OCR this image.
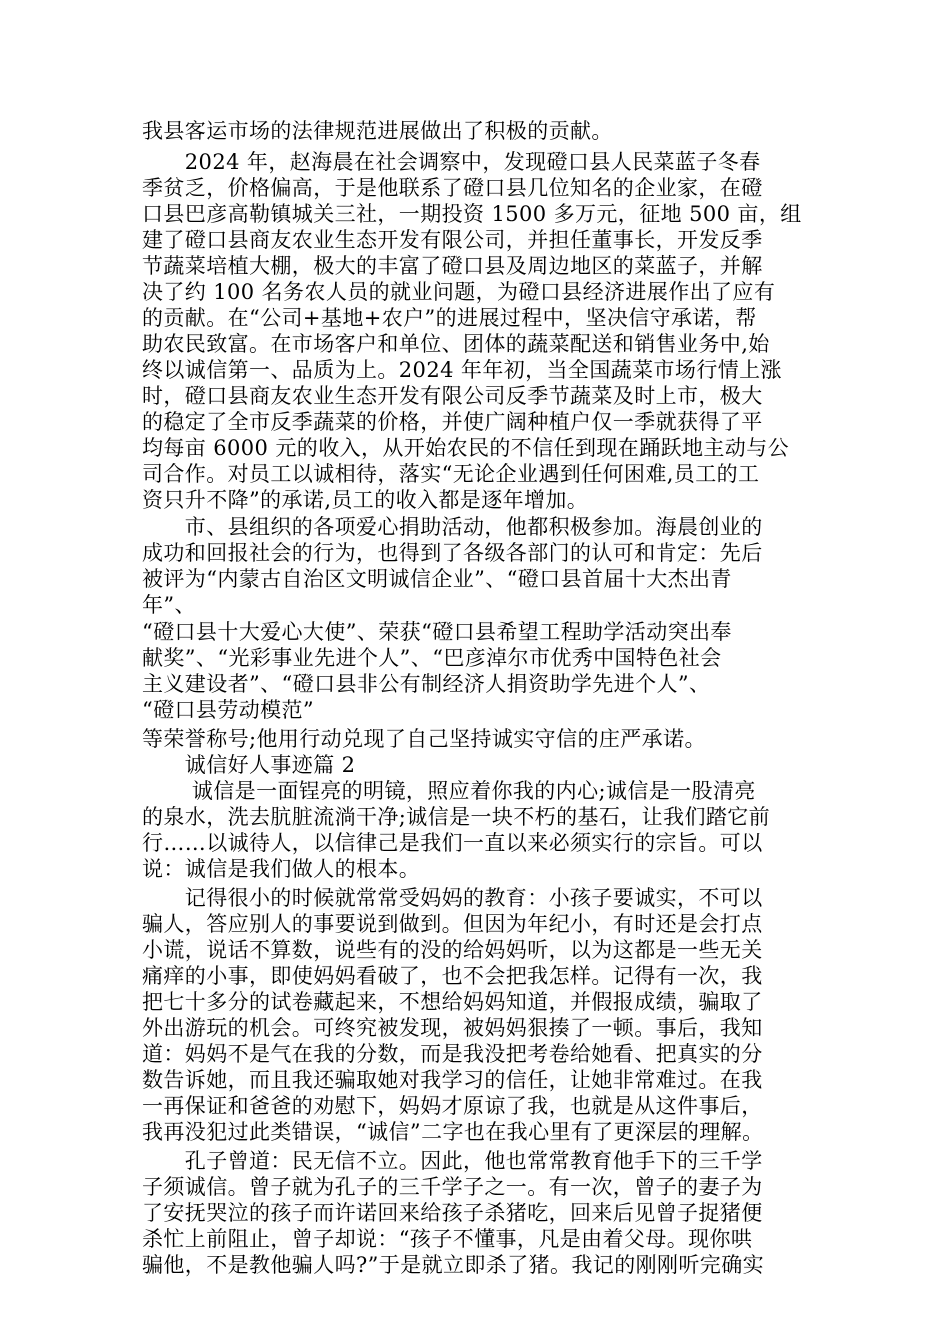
我县客运市场的法律规范进展做出了积极的贡献。
　　2024 年，赵海晨在社会调察中，发现磴口县人民菜蓝子冬春
季贫乏，价格偏高，于是他联系了磴口县几位知名的企业家，在磴
口县巴彦高勒镇城关三社，一期投资 1500 多万元，征地 500 亩，组
建了磴口县商友农业生态开发有限公司，并担任董事长，开发反季
节蔬菜培植大棚，极大的丰富了磴口县及周边地区的菜蓝子，并解
决了约 100 名务农人员的就业问题，为磴口县经济进展作出了应有
的贡献。在“公司+基地+农户”的进展过程中，坚决信守承诺，帮
助农民致富。在市场客户和单位、团体的蔬菜配送和销售业务中,始
终以诚信第一、品质为上。2024 年年初，当全国蔬菜市场行情上涨
时，磴口县商友农业生态开发有限公司反季节蔬菜及时上市，极大
的稳定了全市反季蔬菜的价格，并使广阔种植户仅一季就获得了平
均每亩 6000 元的收入，从开始农民的不信任到现在踊跃地主动与公
司合作。对员工以诚相待，落实“无论企业遇到任何困难,员工的工
资只升不降”的承诺,员工的收入都是逐年增加。
　　市、县组织的各项爱心捐助活动，他都积极参加。海晨创业的
成功和回报社会的行为，也得到了各级各部门的认可和肯定：先后
被评为“内蒙古自治区文明诚信企业”、“磴口县首届十大杰出青
年”、
“磴口县十大爱心大使”、荣获“磴口县希望工程助学活动突出奉
献奖”、“光彩事业先进个人”、“巴彦淖尔市优秀中国特色社会
主义建设者”、“磴口县非公有制经济人捐资助学先进个人”、
“磴口县劳动模范”
等荣誉称号;他用行动兑现了自己坚持诚实守信的庄严承诺。
　　诚信好人事迹篇 2
　　 诚信是一面锃亮的明镜，照应着你我的内心;诚信是一股清亮
的泉水，洗去肮脏流淌干净;诚信是一块不朽的基石，让我们踏它前
行……以诚待人，以信律己是我们一直以来必须实行的宗旨。可以
说：诚信是我们做人的根本。
　　记得很小的时候就常常受妈妈的教育：小孩子要诚实，不可以
骗人，答应别人的事要说到做到。但因为年纪小，有时还是会打点
小谎，说话不算数，说些有的没的给妈妈听，以为这都是一些无关
痛痒的小事，即使妈妈看破了，也不会把我怎样。记得有一次，我
把七十多分的试卷藏起来，不想给妈妈知道，并假报成绩，骗取了
外出游玩的机会。可终究被发现，被妈妈狠揍了一顿。事后，我知
道：妈妈不是气在我的分数，而是我没把考卷给她看、把真实的分
数告诉她，而且我还骗取她对我学习的信任，让她非常难过。在我
一再保证和爸爸的劝慰下，妈妈才原谅了我，也就是从这件事后，
我再没犯过此类错误，“诚信”二字也在我心里有了更深层的理解。
　　孔子曾道：民无信不立。因此，他也常常教育他手下的三千学
子须诚信。曾子就为孔子的三千学子之一。有一次，曾子的妻子为
了安抚哭泣的孩子而许诺回来给孩子杀猪吃，回来后见曾子捉猪便
杀忙上前阻止，曾子却说：“孩子不懂事，凡是由着父母。现你哄
骗他，不是教他骗人吗?”于是就立即杀了猪。我记的刚刚听完确实
